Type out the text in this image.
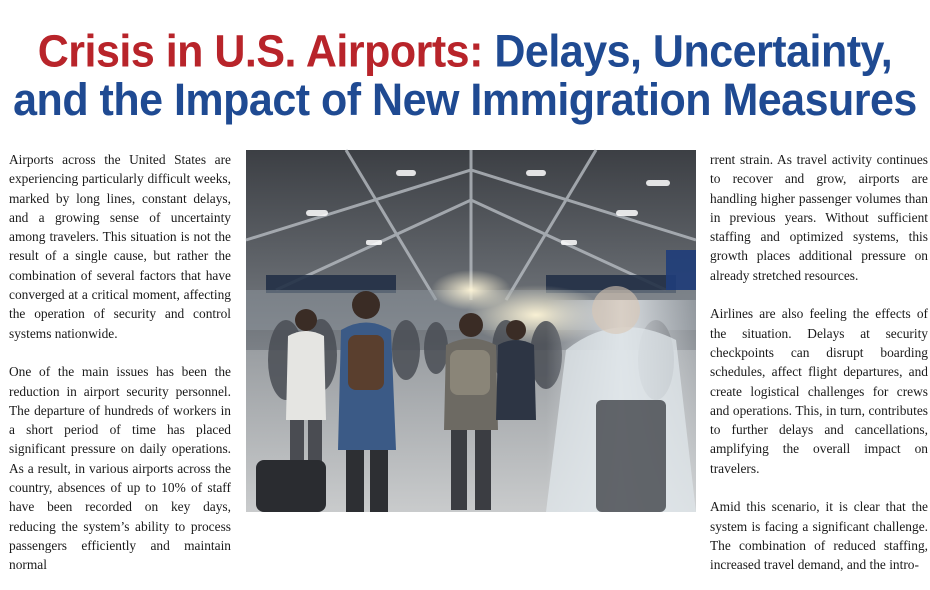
Crisis in U.S. Airports: Delays, Uncertainty,
and the Impact of New Immigration Measures

Airports across the United States are experiencing particularly difficult weeks, marked by long lines, constant delays, and a growing sense of uncertainty among travelers. This situation is not the result of a single cause, but rather the combination of several factors that have converged at a critical moment, affecting the operation of security and control systems nationwide.

One of the main issues has been the reduction in airport security personnel. The departure of hundreds of workers in a short period of time has placed significant pressure on daily operations. As a result, in various airports across the country, absences of up to 10% of staff have been recorded on key days, reducing the system’s ability to process passengers efficiently and maintain normal

rrent strain. As travel activity continues to recover and grow, airports are handling higher passenger volumes than in previous years. Without sufficient staffing and optimized systems, this growth places additional pressure on already stretched resources.

Airlines are also feeling the effects of the situation. Delays at security checkpoints can disrupt boarding schedules, affect flight departures, and create logistical challenges for crews and operations. This, in turn, contributes to further delays and cancellations, amplifying the overall impact on travelers.

Amid this scenario, it is clear that the system is facing a significant challenge. The combination of reduced staffing, increased travel demand, and the intro-
